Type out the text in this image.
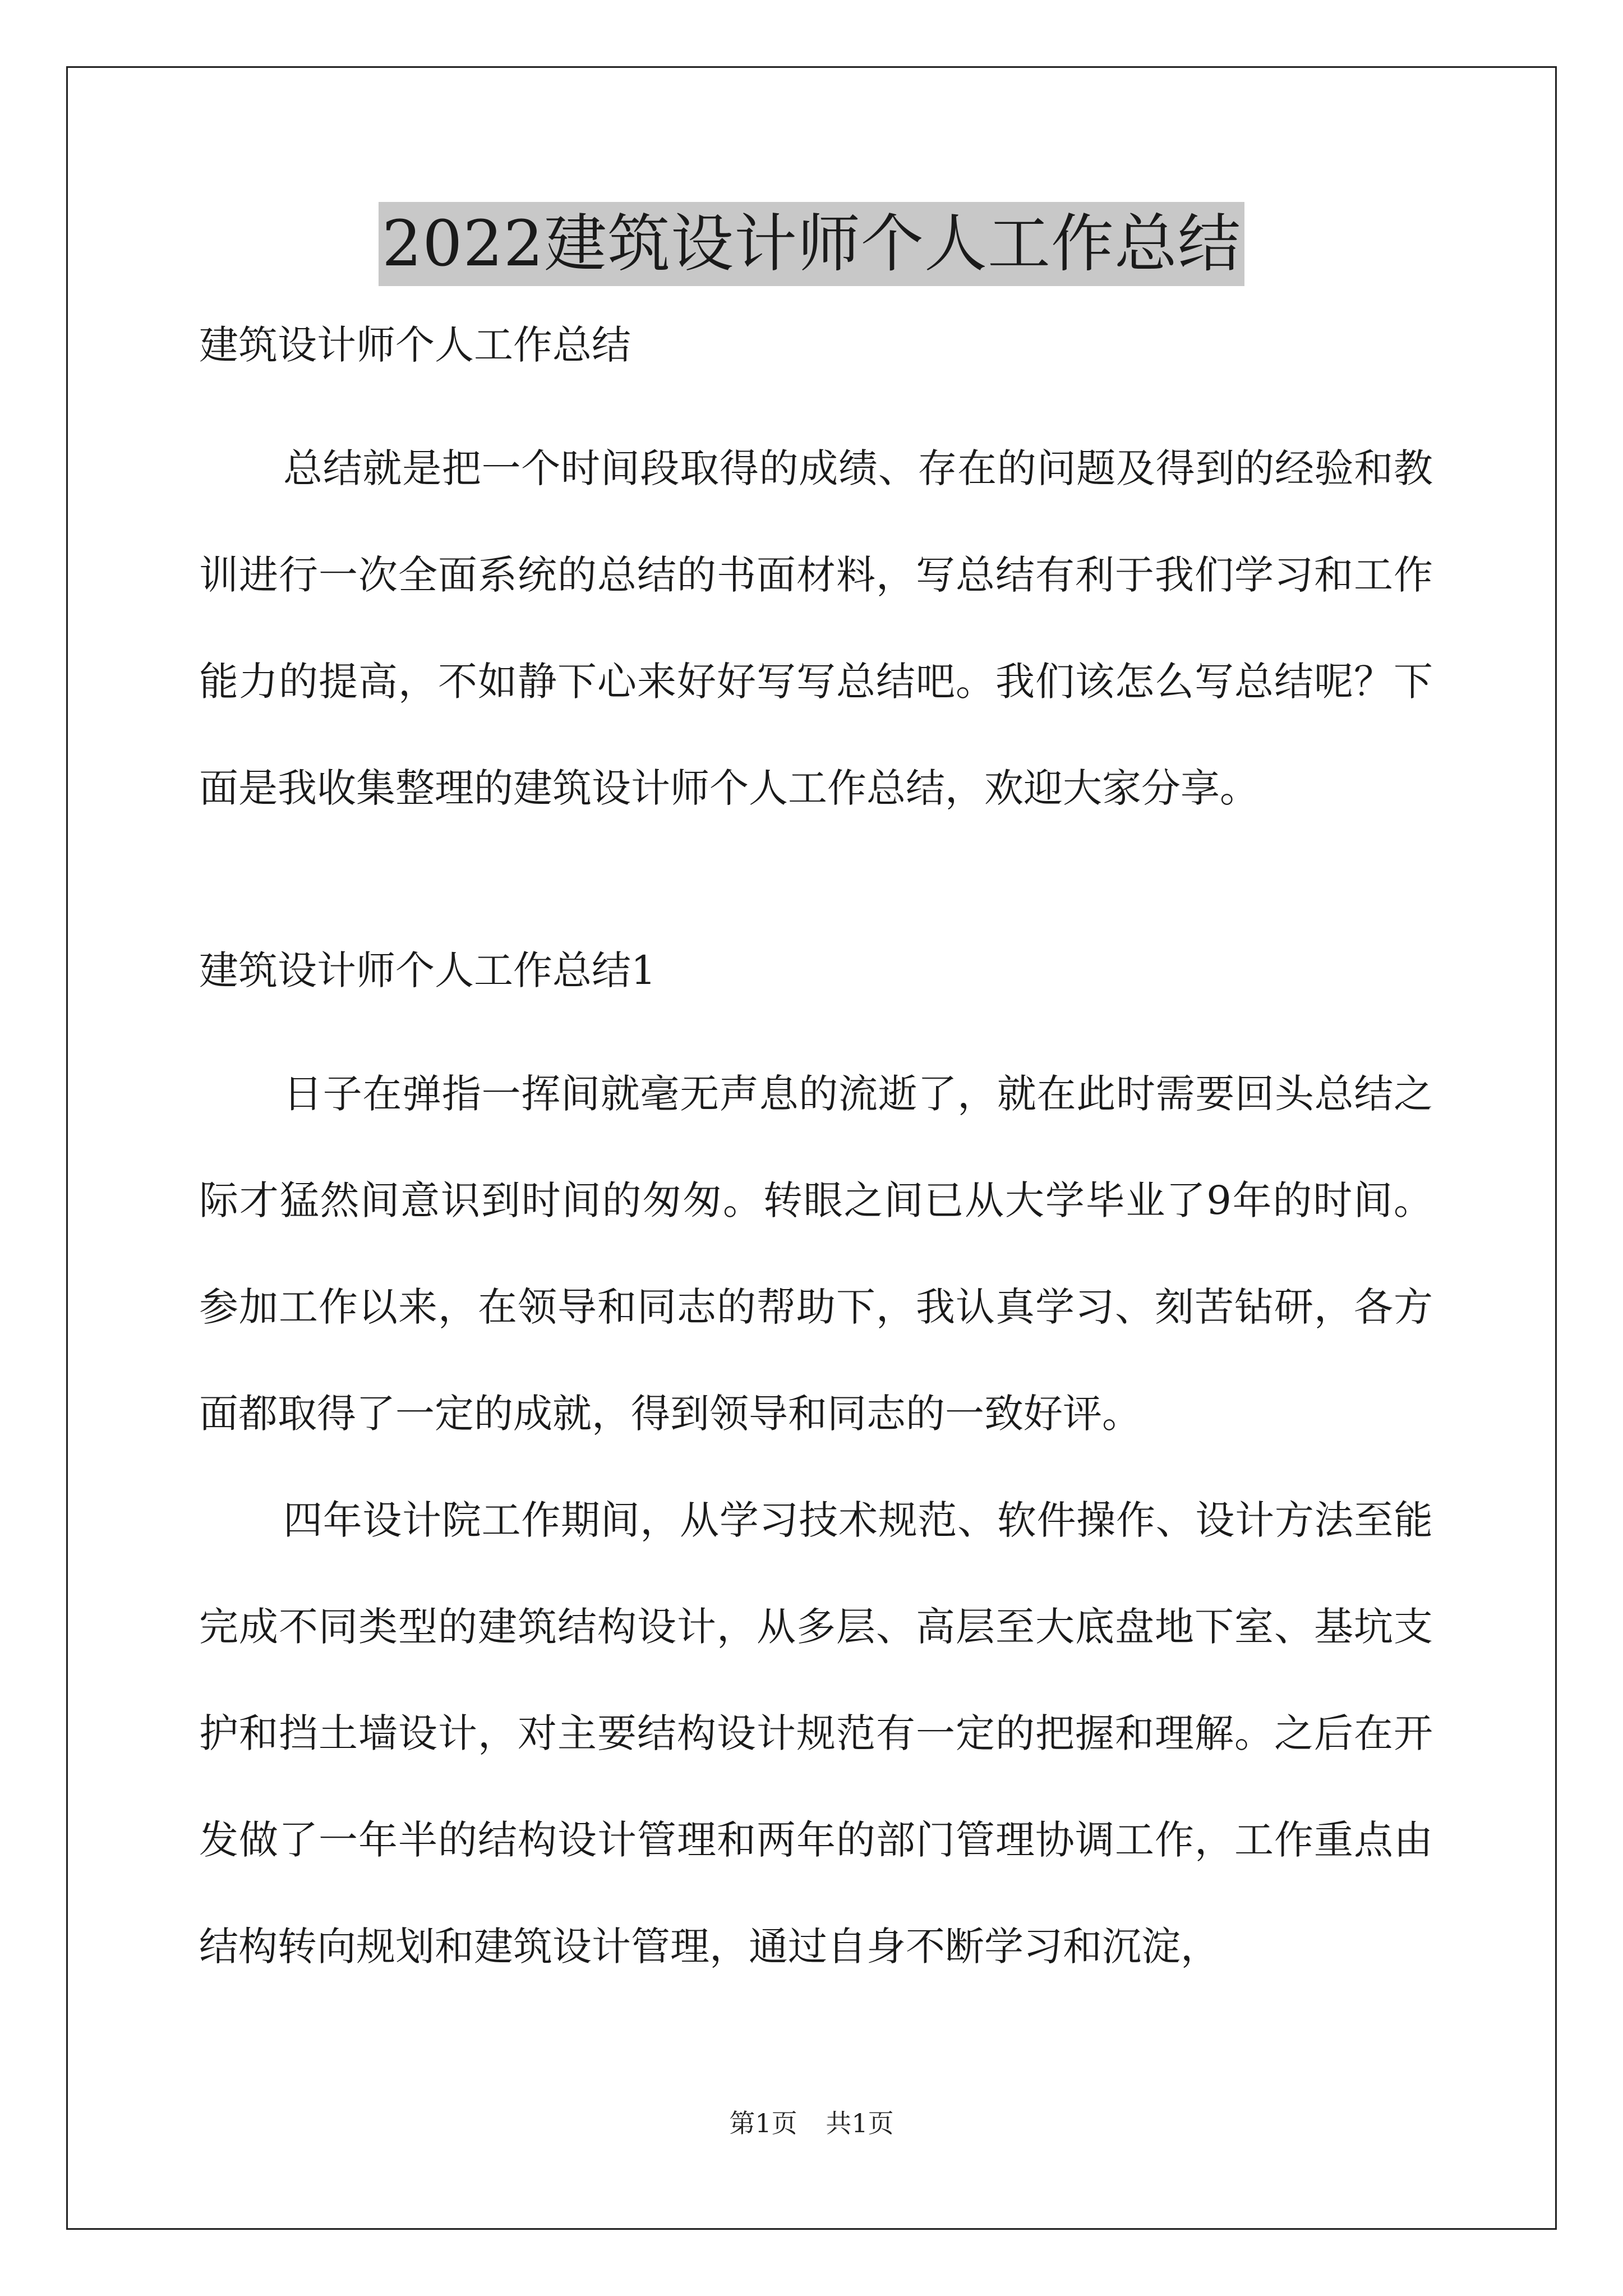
2022建筑设计师个人工作总结

建筑设计师个人工作总结

总结就是把一个时间段取得的成绩、存在的问题及得到的经验和教训进行一次全面系统的总结的书面材料，写总结有利于我们学习和工作能力的提高，不如静下心来好好写写总结吧。我们该怎么写总结呢？下面是我收集整理的建筑设计师个人工作总结，欢迎大家分享。

建筑设计师个人工作总结1

日子在弹指一挥间就毫无声息的流逝了，就在此时需要回头总结之际才猛然间意识到时间的匆匆。转眼之间已从大学毕业了9年的时间。参加工作以来，在领导和同志的帮助下，我认真学习、刻苦钻研，各方面都取得了一定的成就，得到领导和同志的一致好评。

四年设计院工作期间，从学习技术规范、软件操作、设计方法至能完成不同类型的建筑结构设计，从多层、高层至大底盘地下室、基坑支护和挡土墙设计，对主要结构设计规范有一定的把握和理解。之后在开发做了一年半的结构设计管理和两年的部门管理协调工作，工作重点由结构转向规划和建筑设计管理，通过自身不断学习和沉淀，

第1页 共1页
